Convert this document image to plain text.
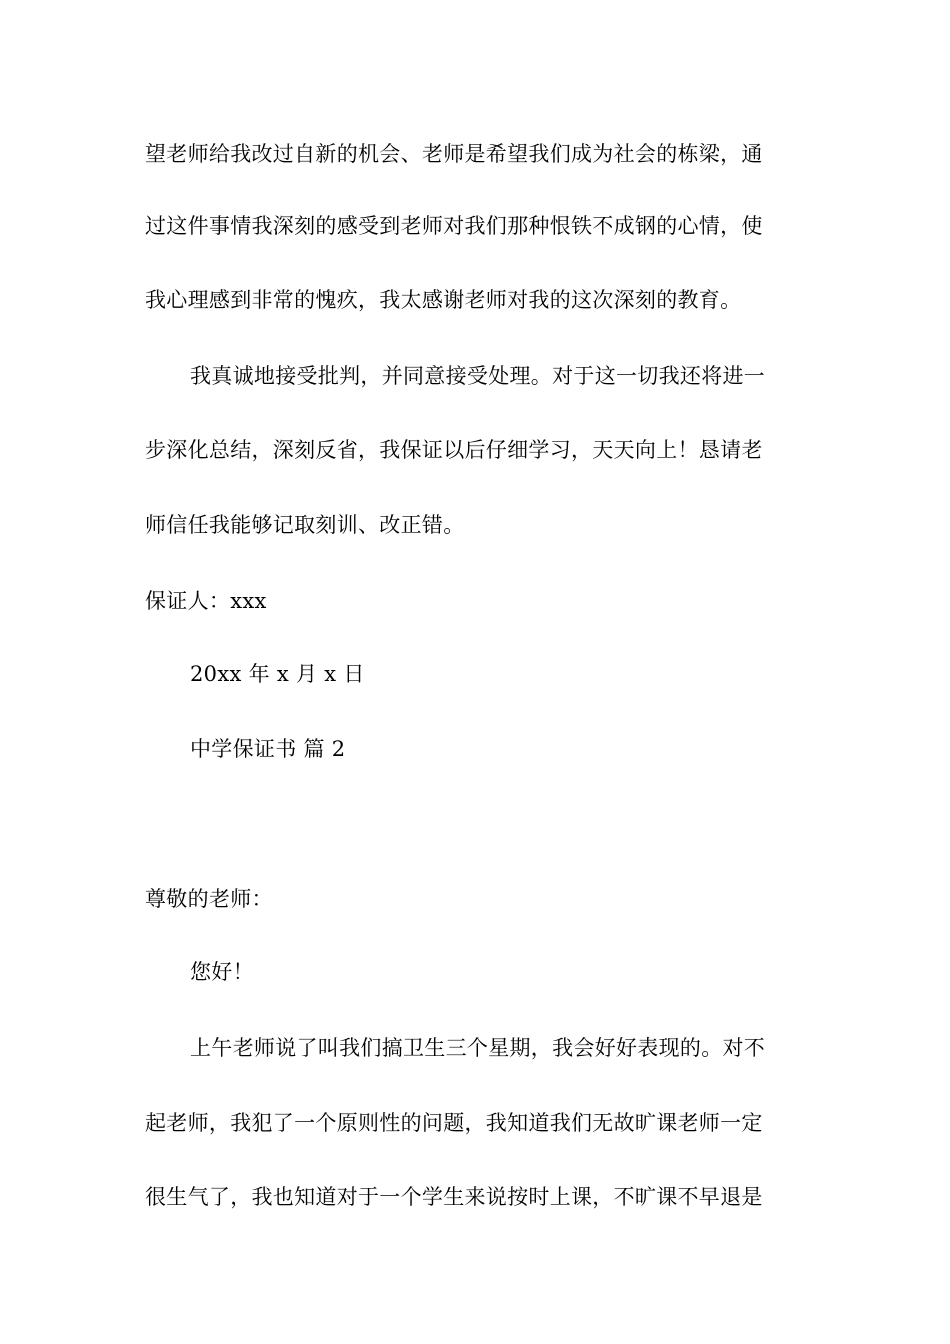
望老师给我改过自新的机会、老师是希望我们成为社会的栋梁，通
过这件事情我深刻的感受到老师对我们那种恨铁不成钢的心情，使
我心理感到非常的愧疚，我太感谢老师对我的这次深刻的教育。
我真诚地接受批判，并同意接受处理。对于这一切我还将进一
步深化总结，深刻反省，我保证以后仔细学习，天天向上！恳请老
师信任我能够记取刻训、改正错。
保证人：xxx
20xx 年 x 月 x 日
中学保证书 篇 2
尊敬的老师：
您好！
上午老师说了叫我们搞卫生三个星期，我会好好表现的。对不
起老师，我犯了一个原则性的问题，我知道我们无故旷课老师一定
很生气了，我也知道对于一个学生来说按时上课，不旷课不早退是
